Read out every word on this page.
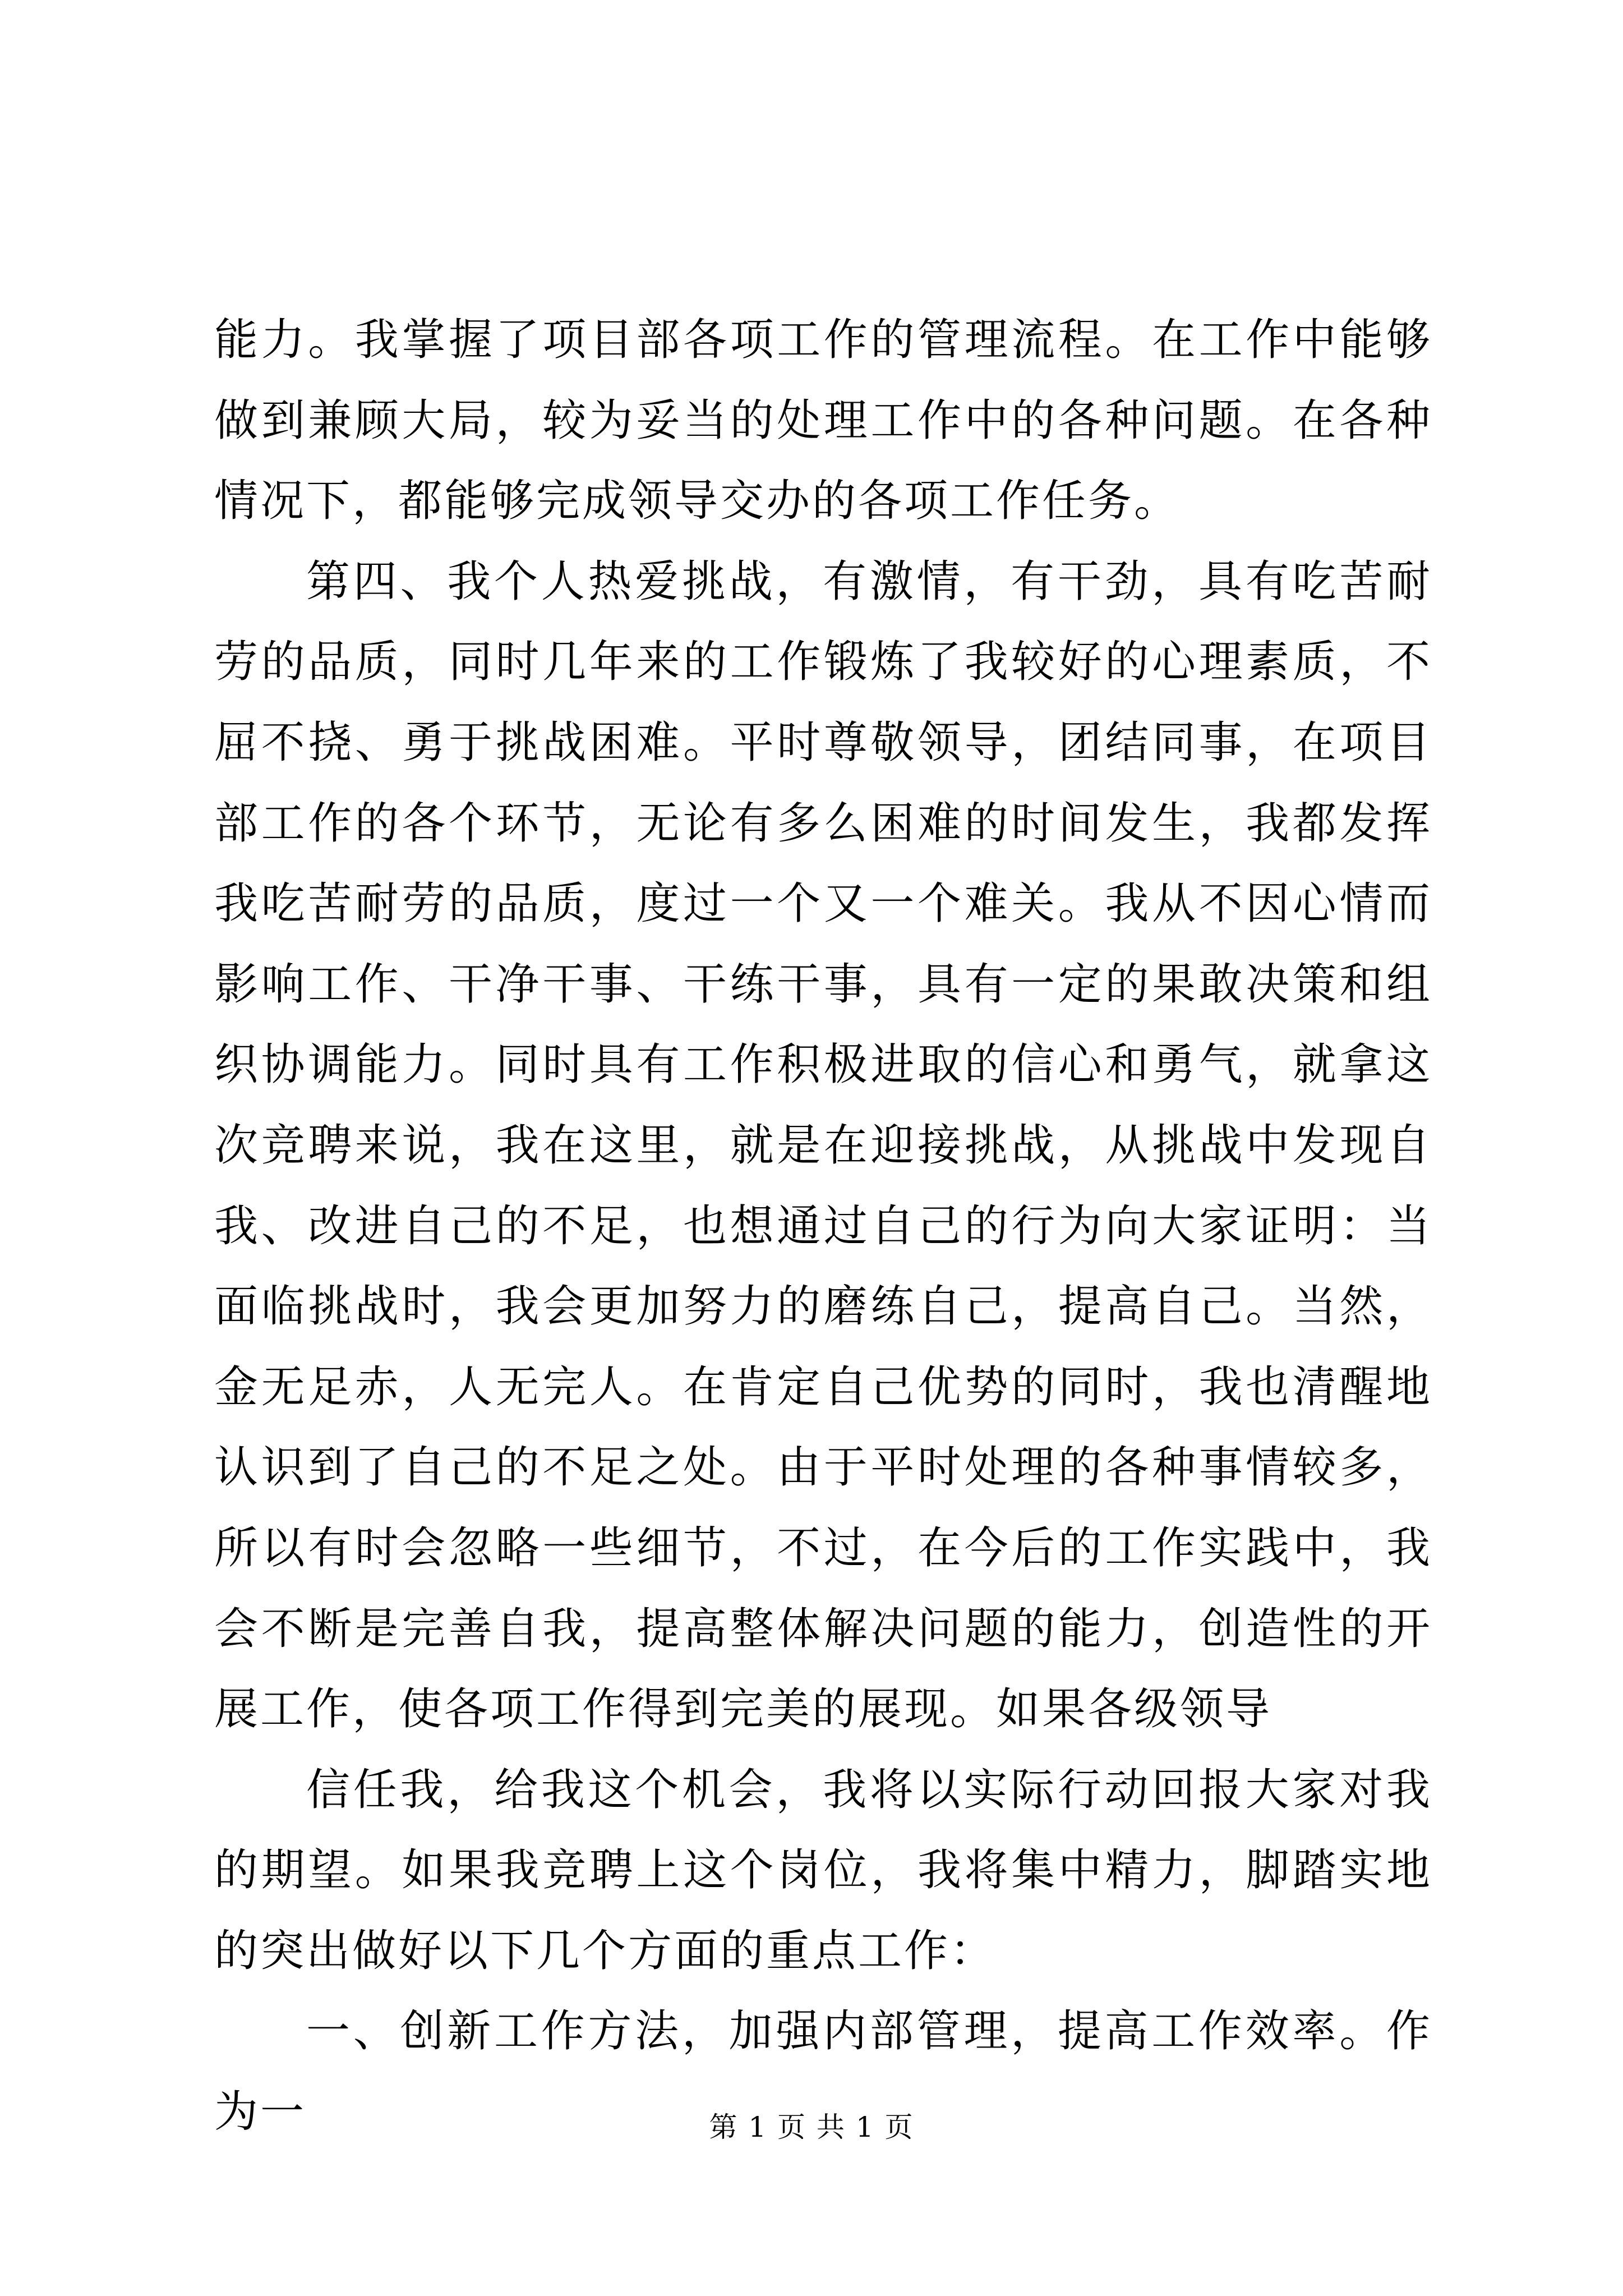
能力。我掌握了项目部各项工作的管理流程。在工作中能够做到兼顾大局，较为妥当的处理工作中的各种问题。在各种情况下，都能够完成领导交办的各项工作任务。

第四、我个人热爱挑战，有激情，有干劲，具有吃苦耐劳的品质，同时几年来的工作锻炼了我较好的心理素质，不屈不挠、勇于挑战困难。平时尊敬领导，团结同事，在项目部工作的各个环节，无论有多么困难的时间发生，我都发挥我吃苦耐劳的品质，度过一个又一个难关。我从不因心情而影响工作、干净干事、干练干事，具有一定的果敢决策和组织协调能力。同时具有工作积极进取的信心和勇气，就拿这次竞聘来说，我在这里，就是在迎接挑战，从挑战中发现自我、改进自己的不足，也想通过自己的行为向大家证明：当面临挑战时，我会更加努力的磨练自己，提高自己。当然，金无足赤，人无完人。在肯定自己优势的同时，我也清醒地认识到了自己的不足之处。由于平时处理的各种事情较多，所以有时会忽略一些细节，不过，在今后的工作实践中，我会不断是完善自我，提高整体解决问题的能力，创造性的开展工作，使各项工作得到完美的展现。如果各级领导

信任我，给我这个机会，我将以实际行动回报大家对我的期望。如果我竞聘上这个岗位，我将集中精力，脚踏实地的突出做好以下几个方面的重点工作：

一、创新工作方法，加强内部管理，提高工作效率。作为一	第 1 页 共 1 页
